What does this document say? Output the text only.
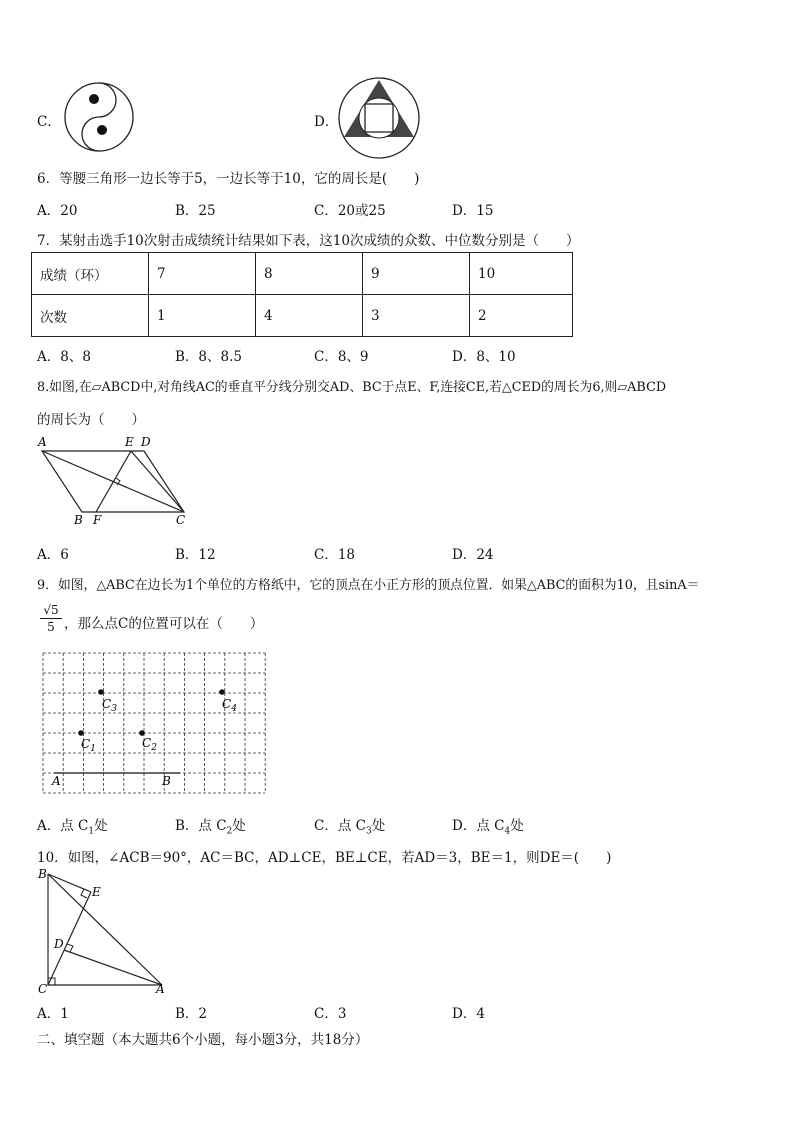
C．	D．
6．等腰三角形一边长等于5，一边长等于10，它的周长是(　　)
A．20	B．25	C．20或25	D．15
7．某射击选手10次射击成绩统计结果如下表，这10次成绩的众数、中位数分别是（　　）
成绩（环）	7	8	9	10
次数	1	4	3	2
A．8、8	B．8、8.5	C．8、9	D．8、10
8.如图,在▱ABCD中,对角线AC的垂直平分线分别交AD、BC于点E、F,连接CE,若△CED的周长为6,则▱ABCD
的周长为（　　）
A	E D
B F	C
A．6	B．12	C．18	D．24
9．如图，△ABC在边长为1个单位的方格纸中，它的顶点在小正方形的顶点位置．如果△ABC的面积为10，且sinA＝
$\frac{√5}{5}$ ，那么点C的位置可以在（　　）
A	B
$C_3$	$C_4$
$C_1$	$C_2$
A．点 $C_1$处	B．点 $C_2$处	C．点 $C_3$处	D．点 $C_4$处
10．如图，∠ACB＝90°，AC＝BC，AD⊥CE，BE⊥CE，若AD＝3，BE＝1，则DE＝(　　)
B
E
D
C	A
A．1	B．2	C．3	D．4
二、填空题（本大题共6个小题，每小题3分，共18分）
